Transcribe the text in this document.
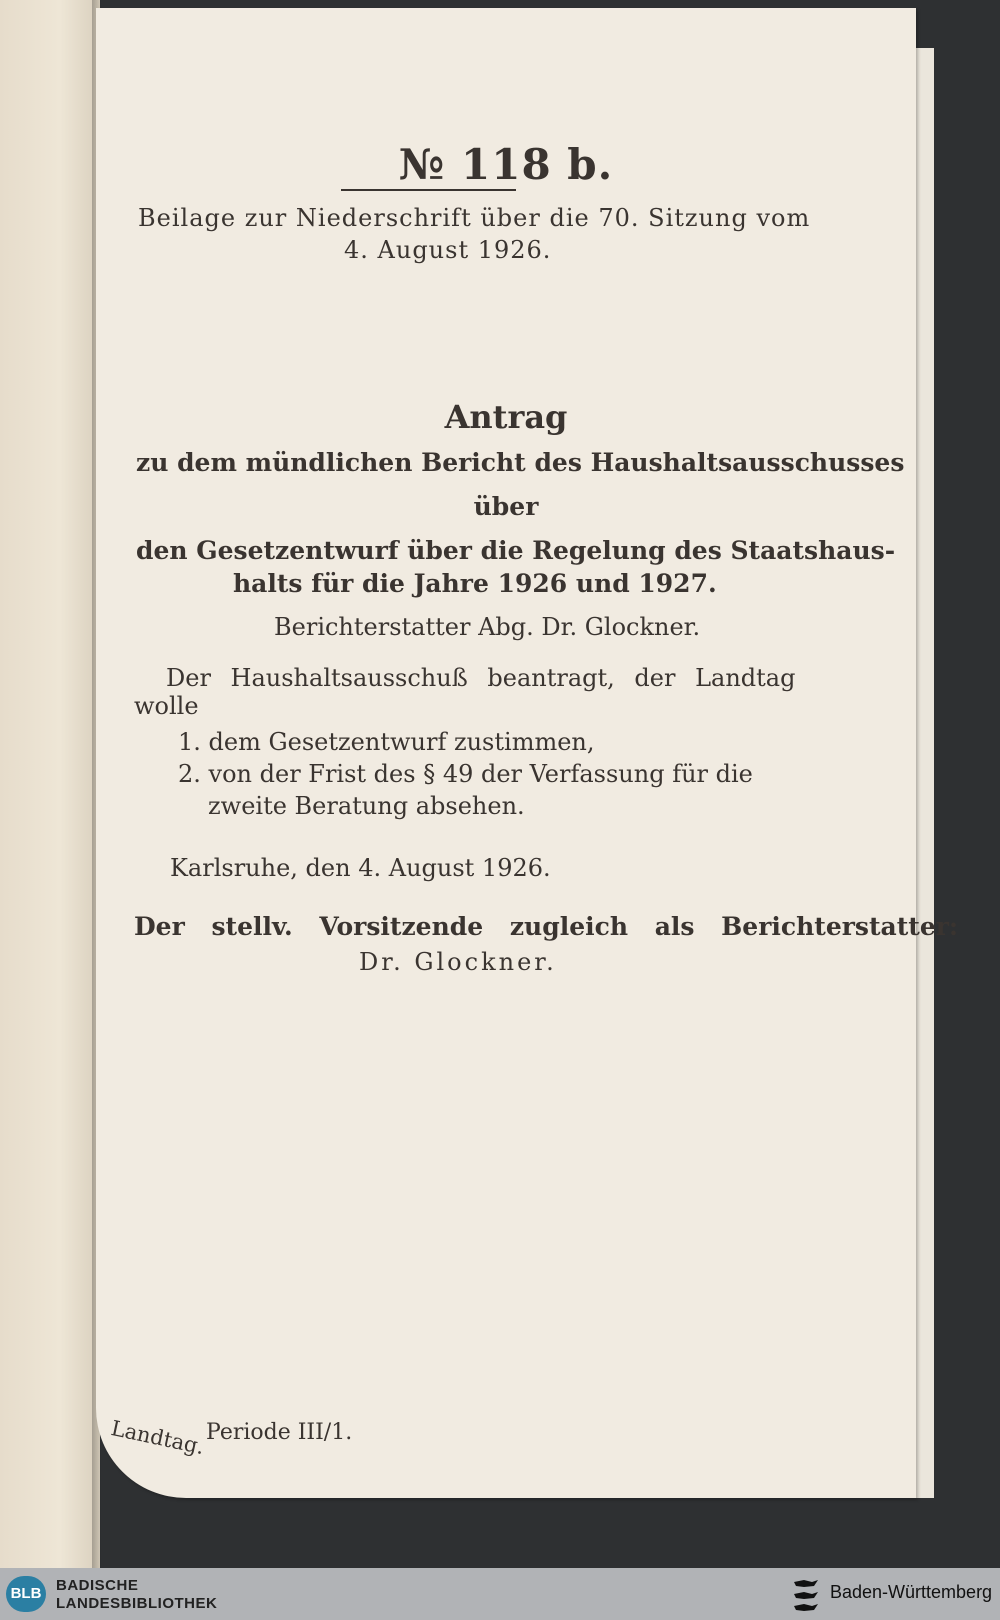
№ 118 b.
Beilage zur Niederschrift über die 70. Sitzung vom
4. August 1926.
Antrag
zu dem mündlichen Bericht des Haushaltsausschusses
über
den Gesetzentwurf über die Regelung des Staatshaus-
halts für die Jahre 1926 und 1927.
Berichterstatter Abg. Dr. Glockner.
Der Haushaltsausschuß beantragt, der Landtag
wolle
1. dem Gesetzentwurf zustimmen,
2. von der Frist des § 49 der Verfassung für die
zweite Beratung absehen.
Karlsruhe, den 4. August 1926.
Der stellv. Vorsitzende zugleich als Berichterstatter:
Dr. Glockner.
Landtag. Periode III/1.
BLB BADISCHE
LANDESBIBLIOTHEK
Baden-Württemberg
